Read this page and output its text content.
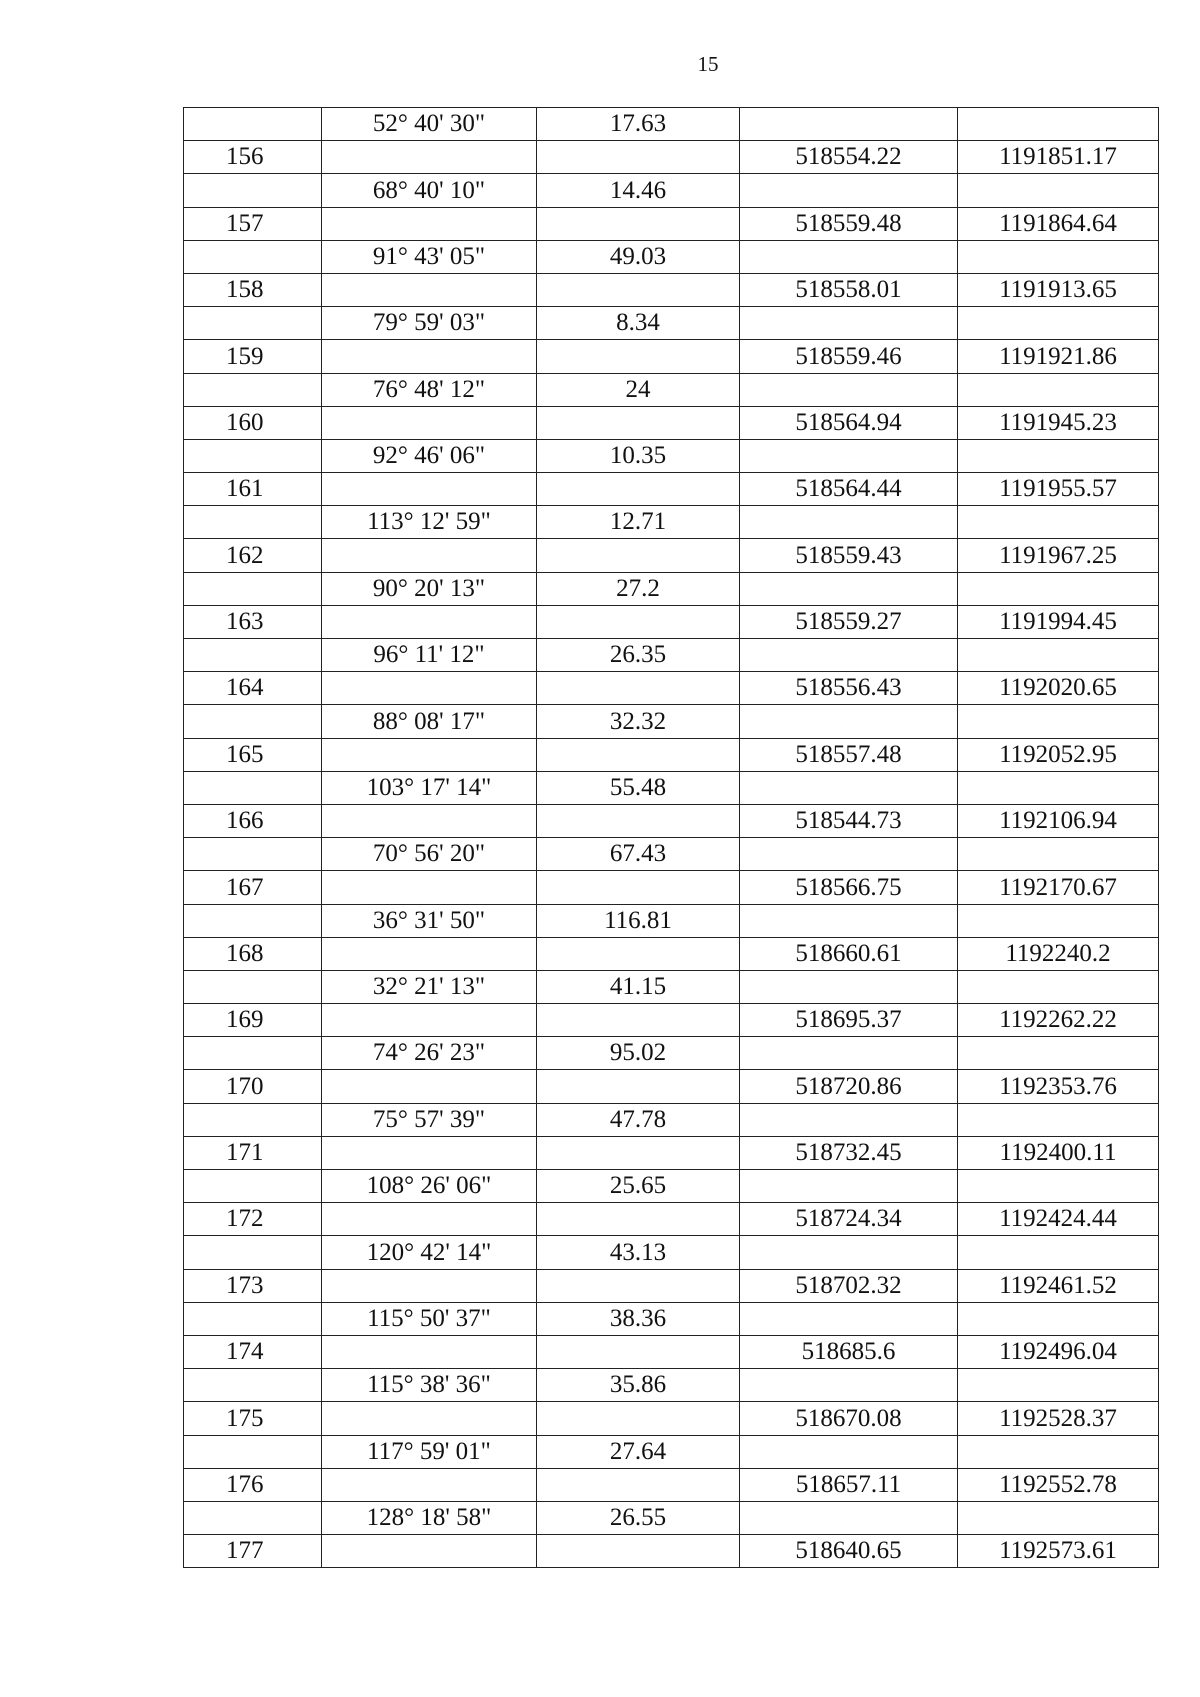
15
	52° 40' 30"	17.63		
156			518554.22	1191851.17
	68° 40' 10"	14.46		
157			518559.48	1191864.64
	91° 43' 05"	49.03		
158			518558.01	1191913.65
	79° 59' 03"	8.34		
159			518559.46	1191921.86
	76° 48' 12"	24		
160			518564.94	1191945.23
	92° 46' 06"	10.35		
161			518564.44	1191955.57
	113° 12' 59"	12.71		
162			518559.43	1191967.25
	90° 20' 13"	27.2		
163			518559.27	1191994.45
	96° 11' 12"	26.35		
164			518556.43	1192020.65
	88° 08' 17"	32.32		
165			518557.48	1192052.95
	103° 17' 14"	55.48		
166			518544.73	1192106.94
	70° 56' 20"	67.43		
167			518566.75	1192170.67
	36° 31' 50"	116.81		
168			518660.61	1192240.2
	32° 21' 13"	41.15		
169			518695.37	1192262.22
	74° 26' 23"	95.02		
170			518720.86	1192353.76
	75° 57' 39"	47.78		
171			518732.45	1192400.11
	108° 26' 06"	25.65		
172			518724.34	1192424.44
	120° 42' 14"	43.13		
173			518702.32	1192461.52
	115° 50' 37"	38.36		
174			518685.6	1192496.04
	115° 38' 36"	35.86		
175			518670.08	1192528.37
	117° 59' 01"	27.64		
176			518657.11	1192552.78
	128° 18' 58"	26.55		
177			518640.65	1192573.61
